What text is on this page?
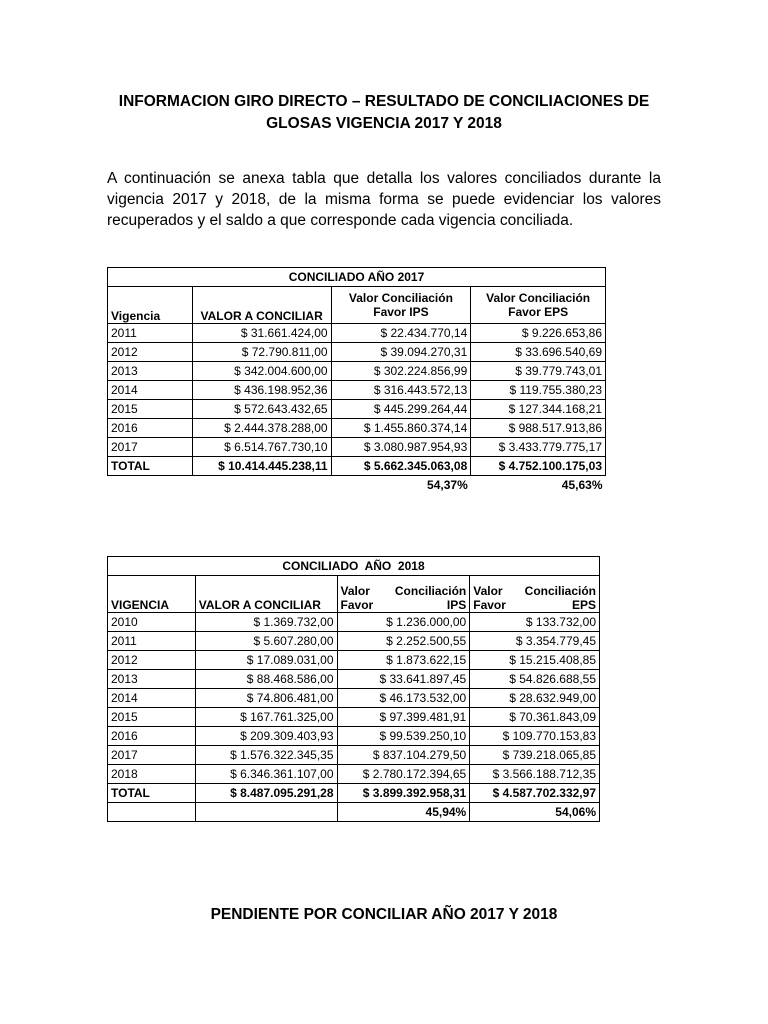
INFORMACION GIRO DIRECTO – RESULTADO DE CONCILIACIONES DE
GLOSAS VIGENCIA 2017 Y 2018

A continuación se anexa tabla que detalla los valores conciliados durante la vigencia 2017 y 2018, de la misma forma se puede evidenciar los valores recuperados y el saldo a que corresponde cada vigencia conciliada.

CONCILIADO AÑO 2017			
Vigencia	VALOR A CONCILIAR	Valor Conciliación Favor IPS	Valor Conciliación Favor EPS
2011	$ 31.661.424,00	$ 22.434.770,14	$ 9.226.653,86
2012	$ 72.790.811,00	$ 39.094.270,31	$ 33.696.540,69
2013	$ 342.004.600,00	$ 302.224.856,99	$ 39.779.743,01
2014	$ 436.198.952,36	$ 316.443.572,13	$ 119.755.380,23
2015	$ 572.643.432,65	$ 445.299.264,44	$ 127.344.168,21
2016	$ 2.444.378.288,00	$ 1.455.860.374,14	$ 988.517.913,86
2017	$ 6.514.767.730,10	$ 3.080.987.954,93	$ 3.433.779.775,17
TOTAL	$ 10.414.445.238,11	$ 5.662.345.063,08	$ 4.752.100.175,03
		54,37%	45,63%
CONCILIADO  AÑO  2018			
VIGENCIA	VALOR A CONCILIAR	Valor Conciliación Favor IPS	Valor Conciliación Favor EPS
2010	$ 1.369.732,00	$ 1.236.000,00	$ 133.732,00
2011	$ 5.607.280,00	$ 2.252.500,55	$ 3.354.779,45
2012	$ 17.089.031,00	$ 1.873.622,15	$ 15.215.408,85
2013	$ 88.468.586,00	$ 33.641.897,45	$ 54.826.688,55
2014	$ 74.806.481,00	$ 46.173.532,00	$ 28.632.949,00
2015	$ 167.761.325,00	$ 97.399.481,91	$ 70.361.843,09
2016	$ 209.309.403,93	$ 99.539.250,10	$ 109.770.153,83
2017	$ 1.576.322.345,35	$ 837.104.279,50	$ 739.218.065,85
2018	$ 6.346.361.107,00	$ 2.780.172.394,65	$ 3.566.188.712,35
TOTAL	$ 8.487.095.291,28	$ 3.899.392.958,31	$ 4.587.702.332,97
		45,94%	54,06%
PENDIENTE POR CONCILIAR AÑO 2017 Y 2018
